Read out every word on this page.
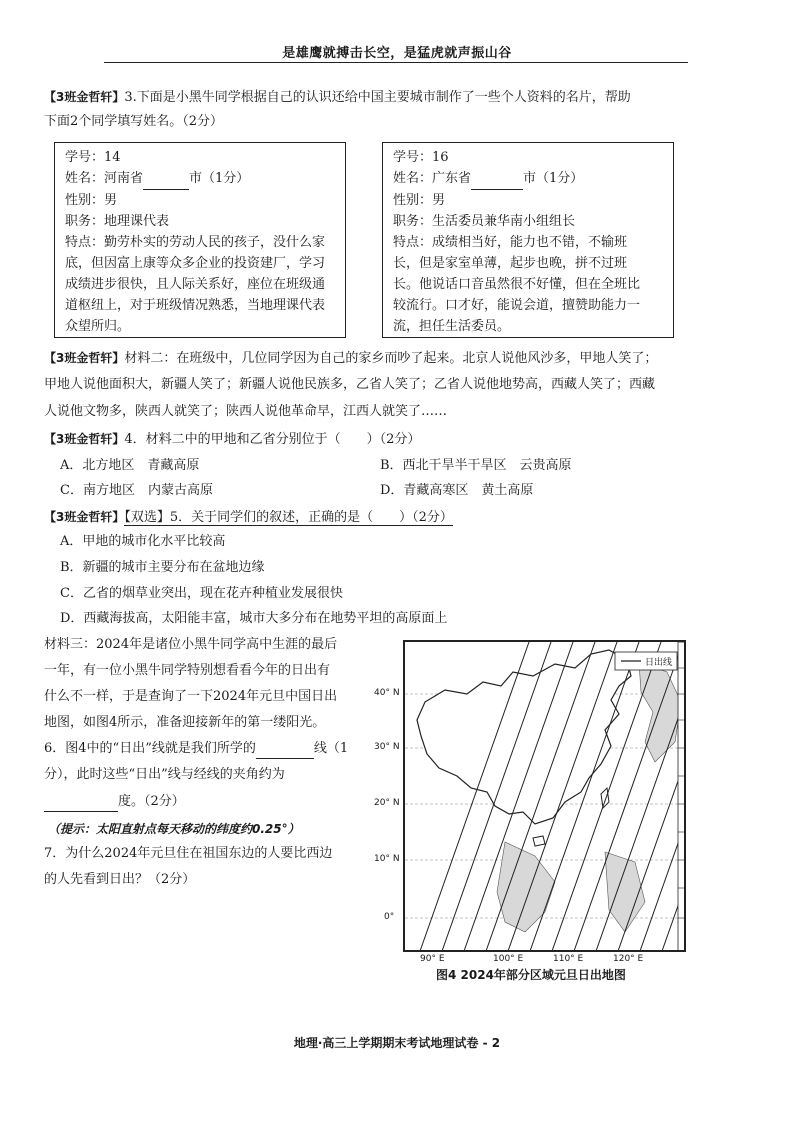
是雄鹰就搏击长空，是猛虎就声振山谷
【3班金哲轩】3.下面是小黑牛同学根据自己的认识还给中国主要城市制作了一些个人资料的名片，帮助
下面2个同学填写姓名。（2分）
学号：14
姓名：河南省	市（1分）
性别：男
职务：地理课代表
特点：勤劳朴实的劳动人民的孩子，没什么家
底，但因富上康等众多企业的投资建厂，学习
成绩进步很快，且人际关系好，座位在班级通
道枢纽上，对于班级情况熟悉，当地理课代表
众望所归。
学号：16
姓名：广东省	市（1分）
性别：男
职务：生活委员兼华南小组组长
特点：成绩相当好，能力也不错，不输班
长，但是家室单薄，起步也晚，拼不过班
长。他说话口音虽然很不好懂，但在全班比
较流行。口才好，能说会道，擅赞助能力一
流，担任生活委员。
【3班金哲轩】材料二：在班级中，几位同学因为自己的家乡而吵了起来。北京人说他风沙多，甲地人笑了；
甲地人说他面积大，新疆人笑了；新疆人说他民族多，乙省人笑了；乙省人说他地势高，西藏人笑了；西藏
人说他文物多，陕西人就笑了；陕西人说他革命早，江西人就笑了……
【3班金哲轩】4．材料二中的甲地和乙省分别位于（　　）（2分）
A．北方地区　青藏高原	B．西北干旱半干旱区　云贵高原
C．南方地区　内蒙古高原	D．青藏高寒区　黄土高原
【3班金哲轩】【双选】5．关于同学们的叙述，正确的是（　　）（2分）
A．甲地的城市化水平比较高
B．新疆的城市主要分布在盆地边缘
C．乙省的烟草业突出，现在花卉种植业发展很快
D．西藏海拔高，太阳能丰富，城市大多分布在地势平坦的高原面上
材料三：2024年是诸位小黑牛同学高中生涯的最后
一年，有一位小黑牛同学特别想看看今年的日出有
什么不一样，于是查询了一下2024年元旦中国日出
地图，如图4所示，准备迎接新年的第一缕阳光。
6．图4中的“日出”线就是我们所学的	线（1
分），此时这些“日出”线与经线的夹角约为
度。（2分）
（提示：太阳直射点每天移动的纬度约0.25°）
7．为什么2024年元旦住在祖国东边的人要比西边
的人先看到日出？（2分）
日出线
40° N
30° N
20° N
10° N
0°
90° E	100° E	110° E	120° E
图4 2024年部分区域元旦日出地图
地理·高三上学期期末考试地理试卷 - 2
